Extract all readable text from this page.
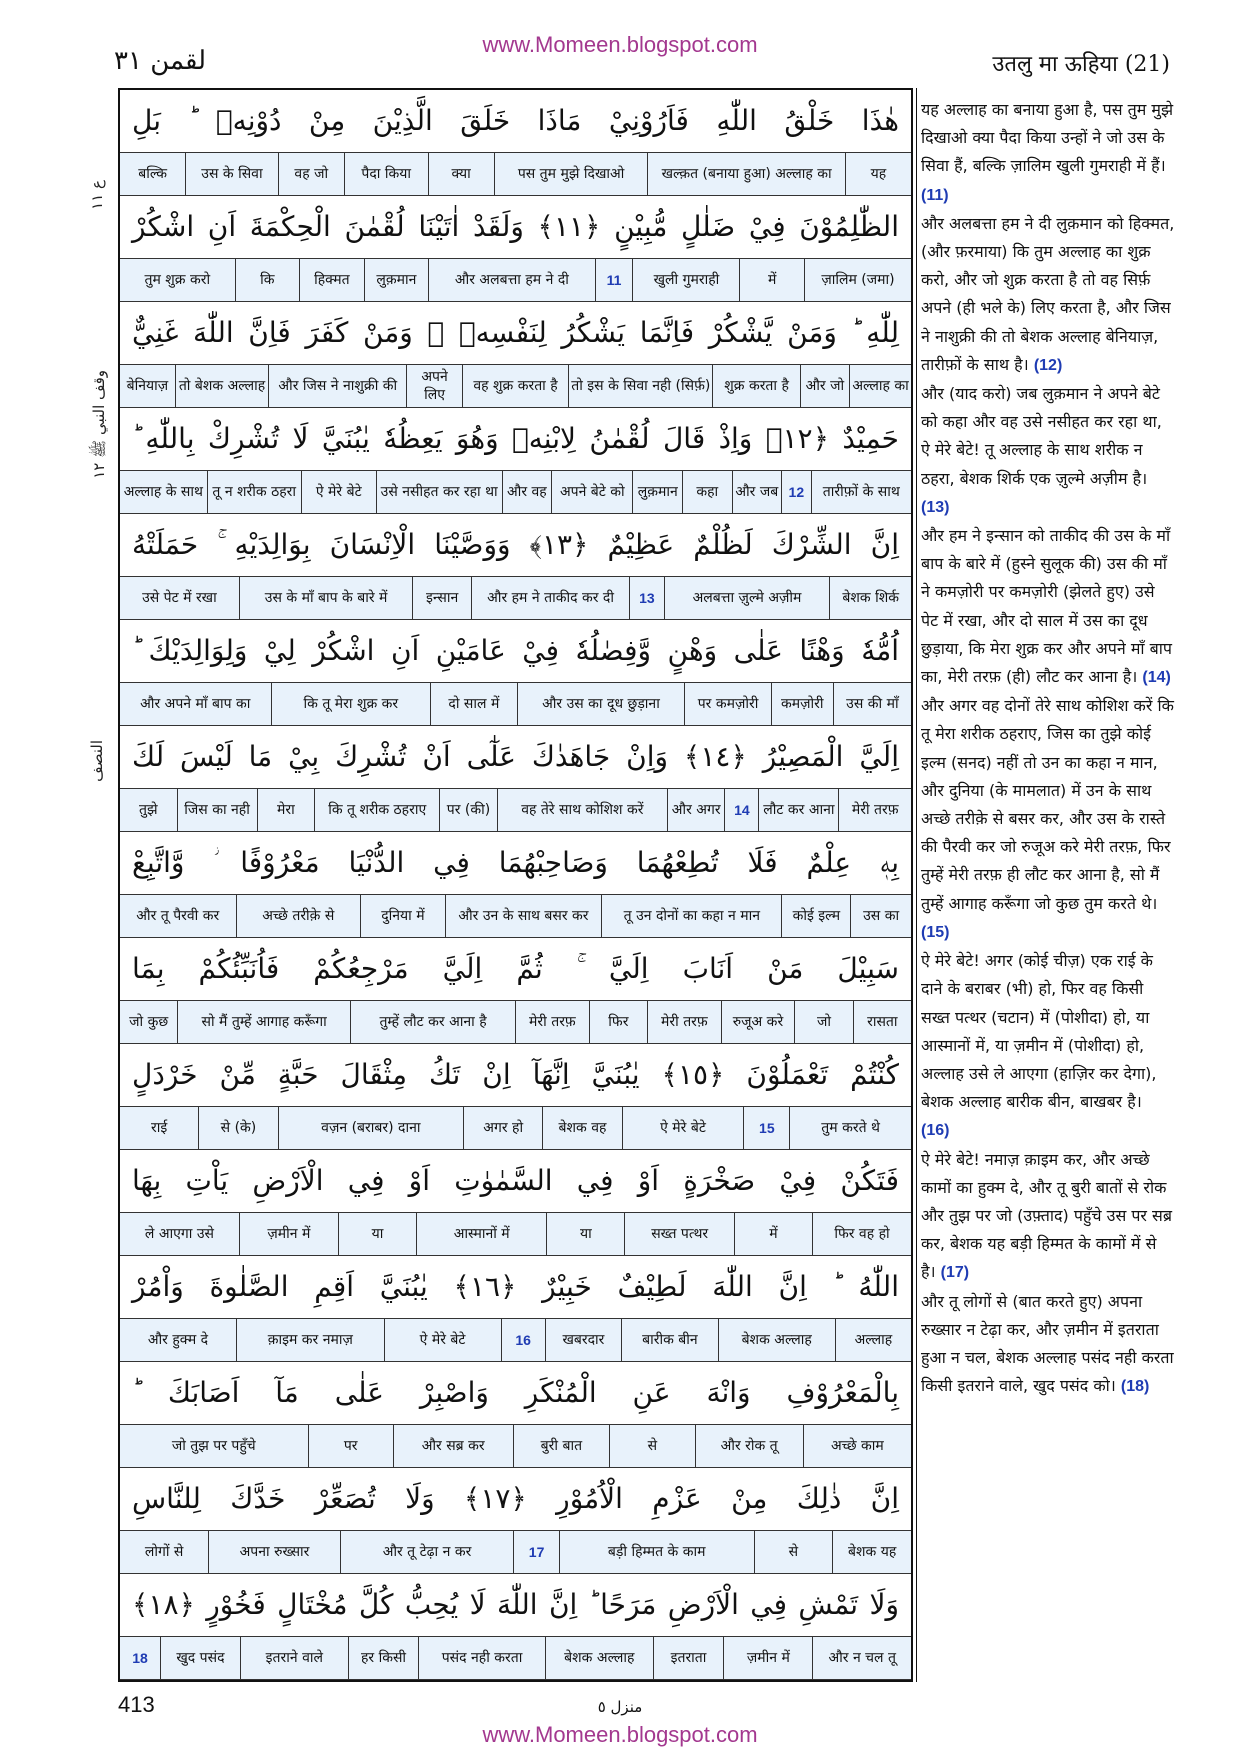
www.Momeen.blogspot.com
لقمن ٣١	उतलु मा ऊहिया (21)
ع ١١
وقف النبي ﷺ ١٢
النصف
هٰذَا خَلْقُ اللّٰهِ فَاَرُوْنِيْ مَاذَا خَلَقَ الَّذِيْنَ مِنْ دُوْنِهٖ ؕ بَلِ
यह
खल्क़त (बनाया हुआ) अल्लाह का
पस तुम मुझे दिखाओ
क्या
पैदा किया
वह जो
उस के सिवा
बल्कि
الظّٰلِمُوْنَ فِيْ ضَلٰلٍ مُّبِيْنٍ ﴿١١﴾ وَلَقَدْ اٰتَيْنَا لُقْمٰنَ الْحِكْمَةَ اَنِ اشْكُرْ
ज़ालिम (जमा)
में
खुली गुमराही
11
और अलबत्ता हम ने दी
लुक़मान
हिक्मत
कि
तुम शुक्र करो
لِلّٰهِ ؕ وَمَنْ يَّشْكُرْ فَاِنَّمَا يَشْكُرُ لِنَفْسِهٖ ۚ وَمَنْ كَفَرَ فَاِنَّ اللّٰهَ غَنِيٌّ
अल्लाह का
और जो
शुक्र करता है
तो इस के सिवा नही (सिर्फ़)
वह शुक्र करता है
अपने लिए
और जिस ने नाशुक्री की
तो बेशक अल्लाह
बेनियाज़
حَمِيْدٌ ﴿١٢﴾ وَاِذْ قَالَ لُقْمٰنُ لِابْنِهٖ وَهُوَ يَعِظُهٗ يٰبُنَيَّ لَا تُشْرِكْ بِاللّٰهِ ؕ
तारीफ़ों के साथ
12
और जब
कहा
लुक़मान
अपने बेटे को
और वह
उसे नसीहत कर रहा था
ऐ मेरे बेटे
तू न शरीक ठहरा
अल्लाह के साथ
اِنَّ الشِّرْكَ لَظُلْمٌ عَظِيْمٌ ﴿١٣﴾ وَوَصَّيْنَا الْاِنْسَانَ بِوَالِدَيْهِ ۚ حَمَلَتْهُ
बेशक शिर्क
अलबत्ता ज़ुल्मे अज़ीम
13
और हम ने ताकीद कर दी
इन्सान
उस के माँ बाप के बारे में
उसे पेट में रखा
اُمُّهٗ وَهْنًا عَلٰى وَهْنٍ وَّفِصٰلُهٗ فِيْ عَامَيْنِ اَنِ اشْكُرْ لِيْ وَلِوَالِدَيْكَ ؕ
उस की माँ
कमज़ोरी
पर कमज़ोरी
और उस का दूध छुड़ाना
दो साल में
कि तू मेरा शुक्र कर
और अपने माँ बाप का
اِلَيَّ الْمَصِيْرُ ﴿١٤﴾ وَاِنْ جَاهَدٰكَ عَلٰٓى اَنْ تُشْرِكَ بِيْ مَا لَيْسَ لَكَ
मेरी तरफ़
लौट कर आना
14
और अगर
वह तेरे साथ कोशिश करें
पर (की)
कि तू शरीक ठहराए
मेरा
जिस का नही
तुझे
بِهٖ عِلْمٌ فَلَا تُطِعْهُمَا وَصَاحِبْهُمَا فِي الدُّنْيَا مَعْرُوْفًا ؗ وَّاتَّبِعْ
उस का
कोई इल्म
तू उन दोनों का कहा न मान
और उन के साथ बसर कर
दुनिया में
अच्छे तरीक़े से
और तू पैरवी कर
سَبِيْلَ مَنْ اَنَابَ اِلَيَّ ۚ ثُمَّ اِلَيَّ مَرْجِعُكُمْ فَاُنَبِّئُكُمْ بِمَا
रासता
जो
रुजूअ करे
मेरी तरफ़
फिर
मेरी तरफ़
तुम्हें लौट कर आना है
सो मैं तुम्हें आगाह करूँगा
जो कुछ
كُنْتُمْ تَعْمَلُوْنَ ﴿١٥﴾ يٰبُنَيَّ اِنَّهَآ اِنْ تَكُ مِثْقَالَ حَبَّةٍ مِّنْ خَرْدَلٍ
तुम करते थे
15
ऐ मेरे बेटे
बेशक वह
अगर हो
वज़न (बराबर) दाना
से (के)
राई
فَتَكُنْ فِيْ صَخْرَةٍ اَوْ فِي السَّمٰوٰتِ اَوْ فِي الْاَرْضِ يَاْتِ بِهَا
फिर वह हो
में
सख्त पत्थर
या
आस्मानों में
या
ज़मीन में
ले आएगा उसे
اللّٰهُ ؕ اِنَّ اللّٰهَ لَطِيْفٌ خَبِيْرٌ ﴿١٦﴾ يٰبُنَيَّ اَقِمِ الصَّلٰوةَ وَاْمُرْ
अल्लाह
बेशक अल्लाह
बारीक बीन
खबरदार
16
ऐ मेरे बेटे
क़ाइम कर नमाज़
और हुक्म दे
بِالْمَعْرُوْفِ وَانْهَ عَنِ الْمُنْكَرِ وَاصْبِرْ عَلٰى مَآ اَصَابَكَ ؕ
अच्छे काम
और रोक तू
से
बुरी बात
और सब्र कर
पर
जो तुझ पर पहुँचे
اِنَّ ذٰلِكَ مِنْ عَزْمِ الْاُمُوْرِ ﴿١٧﴾ وَلَا تُصَعِّرْ خَدَّكَ لِلنَّاسِ
बेशक यह
से
बड़ी हिम्मत के काम
17
और तू टेढ़ा न कर
अपना रुख्सार
लोगों से
وَلَا تَمْشِ فِي الْاَرْضِ مَرَحًا ؕ اِنَّ اللّٰهَ لَا يُحِبُّ كُلَّ مُخْتَالٍ فَخُوْرٍ ﴿١٨﴾
और न चल तू
ज़मीन में
इतराता
बेशक अल्लाह
पसंद नही करता
हर किसी
इतराने वाले
खुद पसंद
18
यह अल्लाह का बनाया हुआ है, पस तुम मुझे दिखाओ क्या पैदा किया उन्हों ने जो उस के सिवा हैं, बल्कि ज़ालिम खुली गुमराही में हैं। (11)
और अलबत्ता हम ने दी लुक़मान को हिक्मत, (और फ़रमाया) कि तुम अल्लाह का शुक्र करो, और जो शुक्र करता है तो वह सिर्फ़ अपने (ही भले के) लिए करता है, और जिस ने नाशुक्री की तो बेशक अल्लाह बेनियाज़, तारीफ़ों के साथ है। (12)
और (याद करो) जब लुक़मान ने अपने बेटे को कहा और वह उसे नसीहत कर रहा था, ऐ मेरे बेटे! तू अल्लाह के साथ शरीक न ठहरा, बेशक शिर्क एक ज़ुल्मे अज़ीम है। (13)
और हम ने इन्सान को ताकीद की उस के माँ बाप के बारे में (हुस्ने सुलूक की) उस की माँ ने कमज़ोरी पर कमज़ोरी (झेलते हुए) उसे पेट में रखा, और दो साल में उस का दूध छुड़ाया, कि मेरा शुक्र कर और अपने माँ बाप का, मेरी तरफ़ (ही) लौट कर आना है। (14)
और अगर वह दोनों तेरे साथ कोशिश करें कि तू मेरा शरीक ठहराए, जिस का तुझे कोई इल्म (सनद) नहीं तो उन का कहा न मान, और दुनिया (के मामलात) में उन के साथ अच्छे तरीक़े से बसर कर, और उस के रास्ते की पैरवी कर जो रुजूअ करे मेरी तरफ़, फिर तुम्हें मेरी तरफ़ ही लौट कर आना है, सो मैं तुम्हें आगाह करूँगा जो कुछ तुम करते थे। (15)
ऐ मेरे बेटे! अगर (कोई चीज़) एक राई के दाने के बराबर (भी) हो, फिर वह किसी सख्त पत्थर (चटान) में (पोशीदा) हो, या आस्मानों में, या ज़मीन में (पोशीदा) हो, अल्लाह उसे ले आएगा (हाज़िर कर देगा), बेशक अल्लाह बारीक बीन, बाखबर है। (16)
ऐ मेरे बेटे! नमाज़ क़ाइम कर, और अच्छे कामों का हुक्म दे, और तू बुरी बातों से रोक और तुझ पर जो (उफ़्ताद) पहुँचे उस पर सब्र कर, बेशक यह बड़ी हिम्मत के कामों में से है। (17)
और तू लोगों से (बात करते हुए) अपना रुख्सार न टेढ़ा कर, और ज़मीन में इतराता हुआ न चल, बेशक अल्लाह पसंद नही करता किसी इतराने वाले, खुद पसंद को। (18)

413	منزل ٥
www.Momeen.blogspot.com
